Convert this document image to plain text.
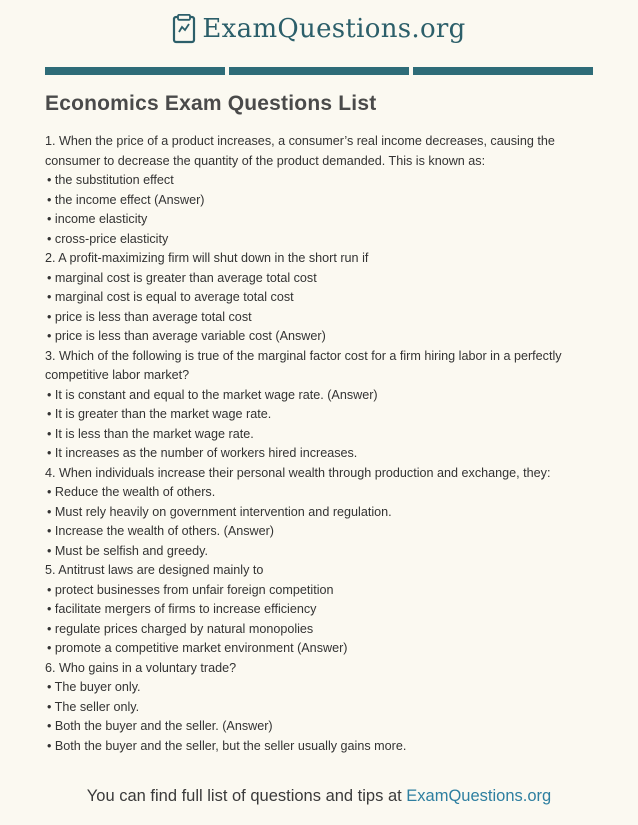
ExamQuestions.org
Economics Exam Questions List

1. When the price of a product increases, a consumer’s real income decreases, causing the consumer to decrease the quantity of the product demanded. This is known as:

• the substitution effect

• the income effect (Answer)

• income elasticity

• cross-price elasticity

2. A profit-maximizing firm will shut down in the short run if

• marginal cost is greater than average total cost

• marginal cost is equal to average total cost

• price is less than average total cost

• price is less than average variable cost (Answer)

3. Which of the following is true of the marginal factor cost for a firm hiring labor in a perfectly competitive labor market?

• It is constant and equal to the market wage rate. (Answer)

• It is greater than the market wage rate.

• It is less than the market wage rate.

• It increases as the number of workers hired increases.

4. When individuals increase their personal wealth through production and exchange, they:

• Reduce the wealth of others.

• Must rely heavily on government intervention and regulation.

• Increase the wealth of others. (Answer)

• Must be selfish and greedy.

5. Antitrust laws are designed mainly to

• protect businesses from unfair foreign competition

• facilitate mergers of firms to increase efficiency

• regulate prices charged by natural monopolies

• promote a competitive market environment (Answer)

6. Who gains in a voluntary trade?

• The buyer only.

• The seller only.

• Both the buyer and the seller. (Answer)

• Both the buyer and the seller, but the seller usually gains more.

You can find full list of questions and tips at ExamQuestions.org
